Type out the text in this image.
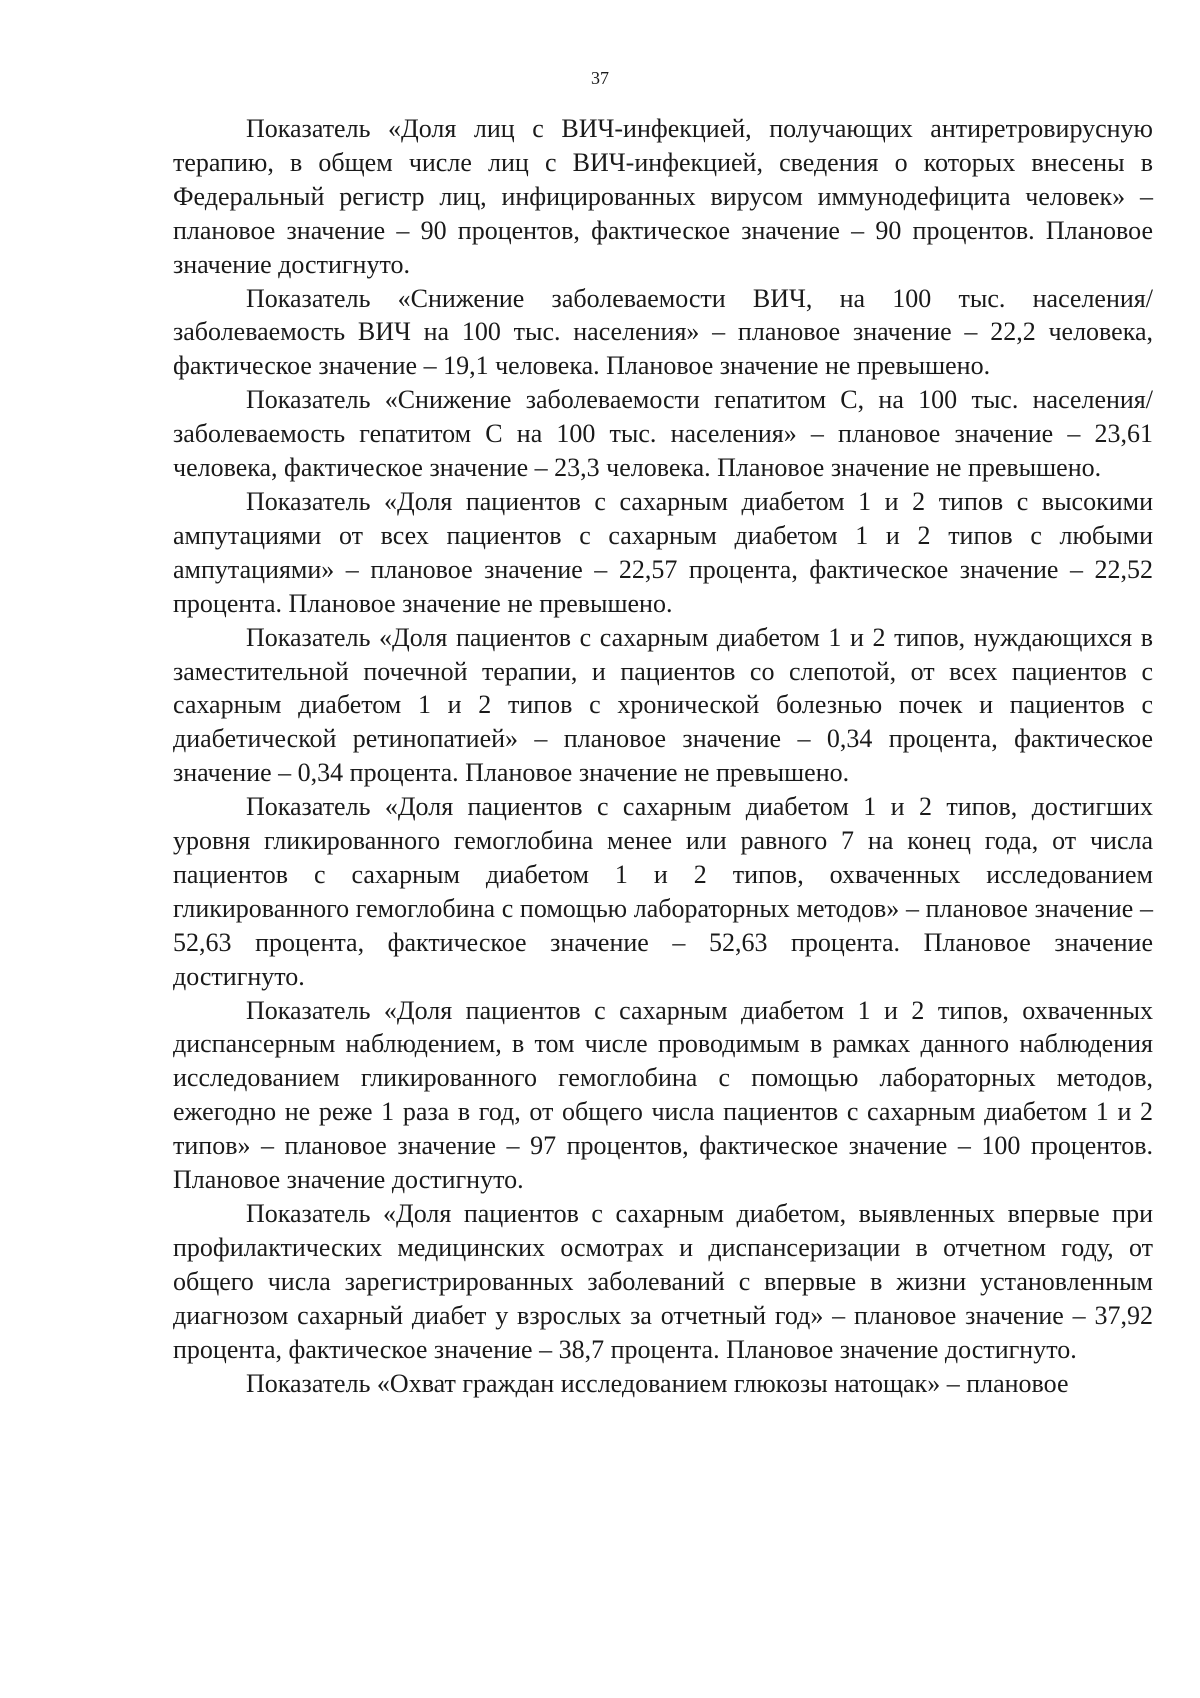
37

Показатель «Доля лиц с ВИЧ-инфекцией, получающих антиретровирусную терапию, в общем числе лиц с ВИЧ-инфекцией, сведения о которых внесены в Федеральный регистр лиц, инфицированных вирусом иммунодефицита человек» – плановое значение – 90 процентов, фактическое значение – 90 процентов. Плановое значение достигнуто.

Показатель «Снижение заболеваемости ВИЧ, на 100 тыс. населения/ заболеваемость ВИЧ на 100 тыс. населения» – плановое значение – 22,2 человека, фактическое значение – 19,1 человека. Плановое значение не превышено.

Показатель «Снижение заболеваемости гепатитом С, на 100 тыс. населения/заболеваемость гепатитом С на 100 тыс. населения» – плановое значение – 23,61 человека, фактическое значение – 23,3 человека. Плановое значение не превышено.

Показатель «Доля пациентов с сахарным диабетом 1 и 2 типов с высокими ампутациями от всех пациентов с сахарным диабетом 1 и 2 типов с любыми ампутациями» – плановое значение – 22,57 процента, фактическое значение – 22,52 процента. Плановое значение не превышено.

Показатель «Доля пациентов с сахарным диабетом 1 и 2 типов, нуждающихся в заместительной почечной терапии, и пациентов со слепотой, от всех пациентов с сахарным диабетом 1 и 2 типов с хронической болезнью почек и пациентов с диабетической ретинопатией» – плановое значение – 0,34 процента, фактическое значение – 0,34 процента. Плановое значение не превышено.

Показатель «Доля пациентов с сахарным диабетом 1 и 2 типов, достигших уровня гликированного гемоглобина менее или равного 7 на конец года, от числа пациентов с сахарным диабетом 1 и 2 типов, охваченных исследованием гликированного гемоглобина с помощью лабораторных методов» – плановое значение – 52,63 процента, фактическое значение – 52,63 процента. Плановое значение достигнуто.

Показатель «Доля пациентов с сахарным диабетом 1 и 2 типов, охваченных диспансерным наблюдением, в том числе проводимым в рамках данного наблюдения исследованием гликированного гемоглобина с помощью лабораторных методов, ежегодно не реже 1 раза в год, от общего числа пациентов с сахарным диабетом 1 и 2 типов» – плановое значение – 97 процентов, фактическое значение – 100 процентов. Плановое значение достигнуто.

Показатель «Доля пациентов с сахарным диабетом, выявленных впервые при профилактических медицинских осмотрах и диспансеризации в отчетном году, от общего числа зарегистрированных заболеваний с впервые в жизни установленным диагнозом сахарный диабет у взрослых за отчетный год» – плановое значение – 37,92 процента, фактическое значение – 38,7 процента. Плановое значение достигнуто.

Показатель «Охват граждан исследованием глюкозы натощак» – плановое
